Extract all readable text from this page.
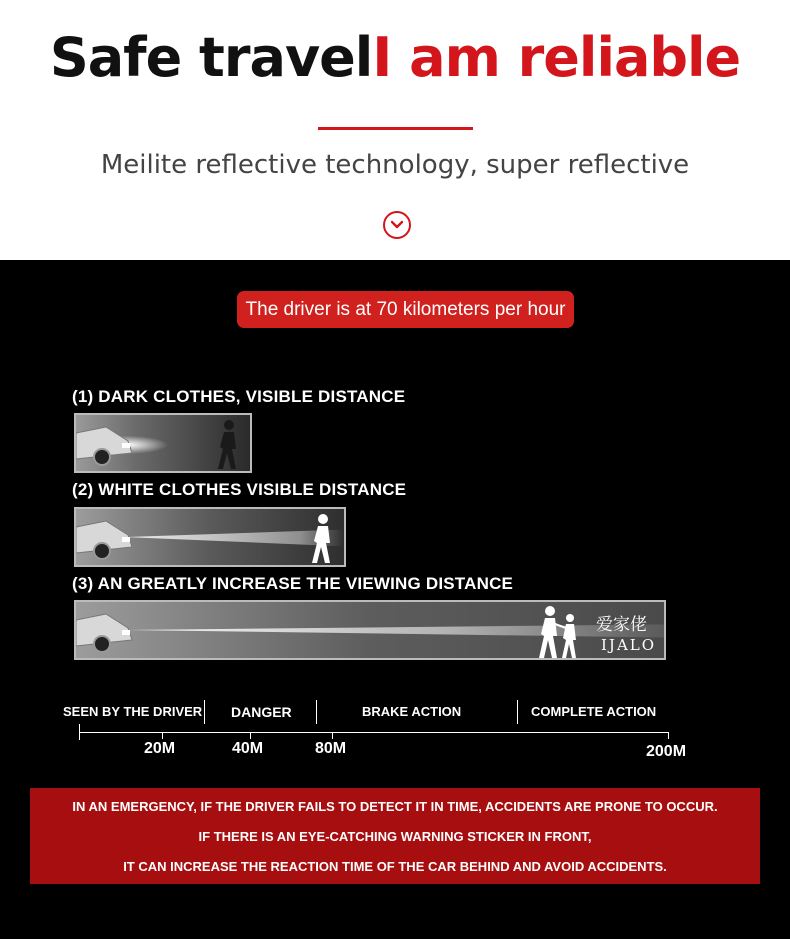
Safe travelI am reliable
Meilite reflective technology, super reflective
The driver is at 70 kilometers per hour
(1) DARK CLOTHES, VISIBLE DISTANCE
(2) WHITE CLOTHES VISIBLE DISTANCE
(3) AN GREATLY INCREASE THE VIEWING DISTANCE
爱家佬
IJALO
SEEN BY THE DRIVER DANGER	BRAKE ACTION	COMPLETE ACTION
20M	40M	80M	200M

IN AN EMERGENCY, IF THE DRIVER FAILS TO DETECT IT IN TIME, ACCIDENTS ARE PRONE TO OCCUR.

IF THERE IS AN EYE-CATCHING WARNING STICKER IN FRONT,

IT CAN INCREASE THE REACTION TIME OF THE CAR BEHIND AND AVOID ACCIDENTS.
